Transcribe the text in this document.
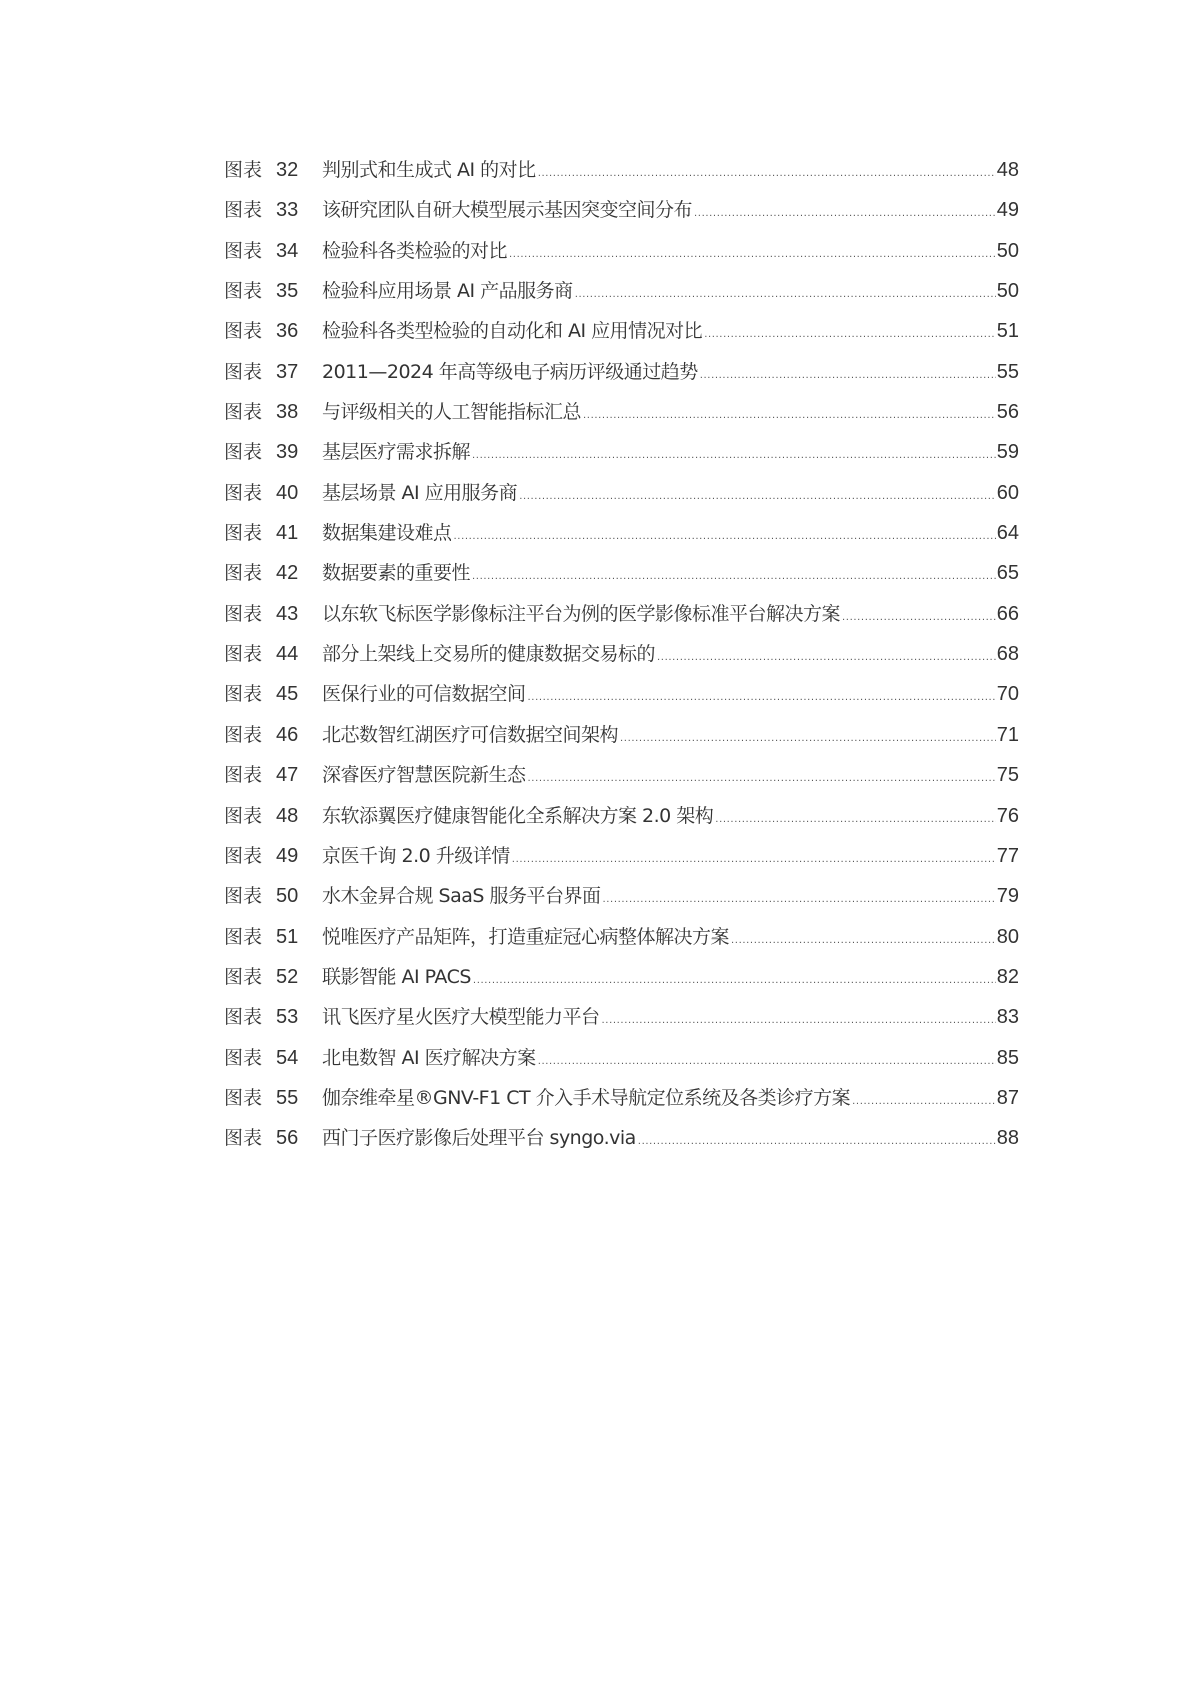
图表 32	判别式和生成式 AI 的对比 .....	48
图表 33	该研究团队自研大模型展示基因突变空间分布 .....	49
图表 34	检验科各类检验的对比 .....	50
图表 35	检验科应用场景 AI 产品服务商 .....	50
图表 36	检验科各类型检验的自动化和 AI 应用情况对比 .....	51
图表 37	2011—2024 年高等级电子病历评级通过趋势 .....	55
图表 38	与评级相关的人工智能指标汇总 .....	56
图表 39	基层医疗需求拆解 .....	59
图表 40	基层场景 AI 应用服务商 .....	60
图表 41	数据集建设难点 .....	64
图表 42	数据要素的重要性 .....	65
图表 43	以东软飞标医学影像标注平台为例的医学影像标准平台解决方案 .....	66
图表 44	部分上架线上交易所的健康数据交易标的 .....	68
图表 45	医保行业的可信数据空间 .....	70
图表 46	北芯数智红湖医疗可信数据空间架构 .....	71
图表 47	深睿医疗智慧医院新生态 .....	75
图表 48	东软添翼医疗健康智能化全系解决方案 2.0 架构 .....	76
图表 49	京医千询 2.0 升级详情 .....	77
图表 50	水木金昇合规 SaaS 服务平台界面 .....	79
图表 51	悦唯医疗产品矩阵，打造重症冠心病整体解决方案 .....	80
图表 52	联影智能 AI PACS .....	82
图表 53	讯飞医疗星火医疗大模型能力平台 .....	83
图表 54	北电数智 AI 医疗解决方案 .....	85
图表 55	伽奈维牵星®GNV-F1 CT 介入手术导航定位系统及各类诊疗方案 .....	87
图表 56	西门子医疗影像后处理平台 syngo.via .....	88
